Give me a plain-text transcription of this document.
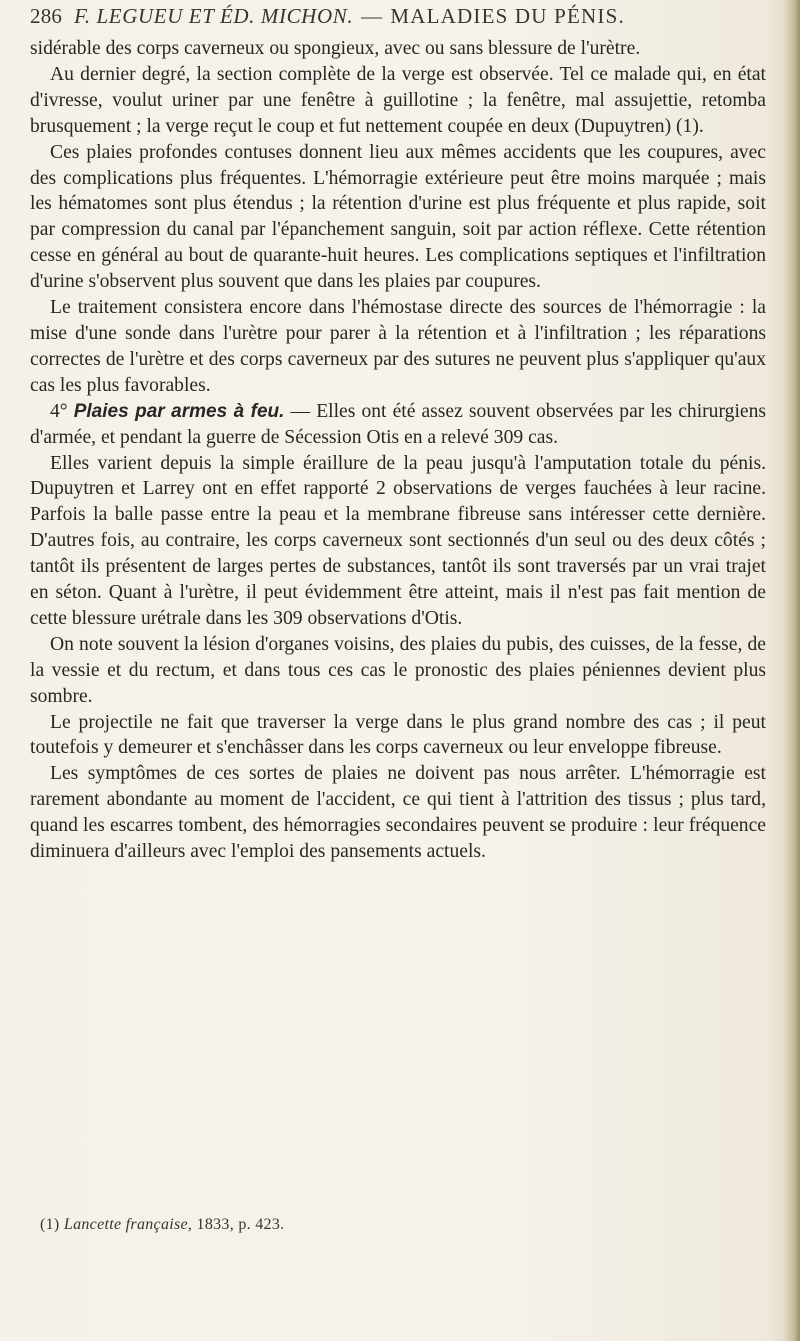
286 F. LEGUEU ET ÉD. MICHON. — MALADIES DU PÉNIS.

sidérable des corps caverneux ou spongieux, avec ou sans blessure de l'urètre.

Au dernier degré, la section complète de la verge est observée. Tel ce malade qui, en état d'ivresse, voulut uriner par une fenêtre à guillotine ; la fenêtre, mal assujettie, retomba brusquement ; la verge reçut le coup et fut nettement coupée en deux (Dupuytren) (1).

Ces plaies profondes contuses donnent lieu aux mêmes accidents que les coupures, avec des complications plus fréquentes. L'hémorragie extérieure peut être moins marquée ; mais les hématomes sont plus étendus ; la rétention d'urine est plus fréquente et plus rapide, soit par compression du canal par l'épanchement sanguin, soit par action réflexe. Cette rétention cesse en général au bout de quarante-huit heures. Les complications septiques et l'infiltration d'urine s'observent plus souvent que dans les plaies par coupures.

Le traitement consistera encore dans l'hémostase directe des sources de l'hémorragie : la mise d'une sonde dans l'urètre pour parer à la rétention et à l'infiltration ; les réparations correctes de l'urètre et des corps caverneux par des sutures ne peuvent plus s'appliquer qu'aux cas les plus favorables.

4° Plaies par armes à feu. — Elles ont été assez souvent observées par les chirurgiens d'armée, et pendant la guerre de Sécession Otis en a relevé 309 cas.

Elles varient depuis la simple éraillure de la peau jusqu'à l'amputation totale du pénis. Dupuytren et Larrey ont en effet rapporté 2 observations de verges fauchées à leur racine. Parfois la balle passe entre la peau et la membrane fibreuse sans intéresser cette dernière. D'autres fois, au contraire, les corps caverneux sont sectionnés d'un seul ou des deux côtés ; tantôt ils présentent de larges pertes de substances, tantôt ils sont traversés par un vrai trajet en séton. Quant à l'urètre, il peut évidemment être atteint, mais il n'est pas fait mention de cette blessure urétrale dans les 309 observations d'Otis.

On note souvent la lésion d'organes voisins, des plaies du pubis, des cuisses, de la fesse, de la vessie et du rectum, et dans tous ces cas le pronostic des plaies péniennes devient plus sombre.

Le projectile ne fait que traverser la verge dans le plus grand nombre des cas ; il peut toutefois y demeurer et s'enchâsser dans les corps caverneux ou leur enveloppe fibreuse.

Les symptômes de ces sortes de plaies ne doivent pas nous arrêter. L'hémorragie est rarement abondante au moment de l'accident, ce qui tient à l'attrition des tissus ; plus tard, quand les escarres tombent, des hémorragies secondaires peuvent se produire : leur fréquence diminuera d'ailleurs avec l'emploi des pansements actuels.

(1) Lancette française, 1833, p. 423.
